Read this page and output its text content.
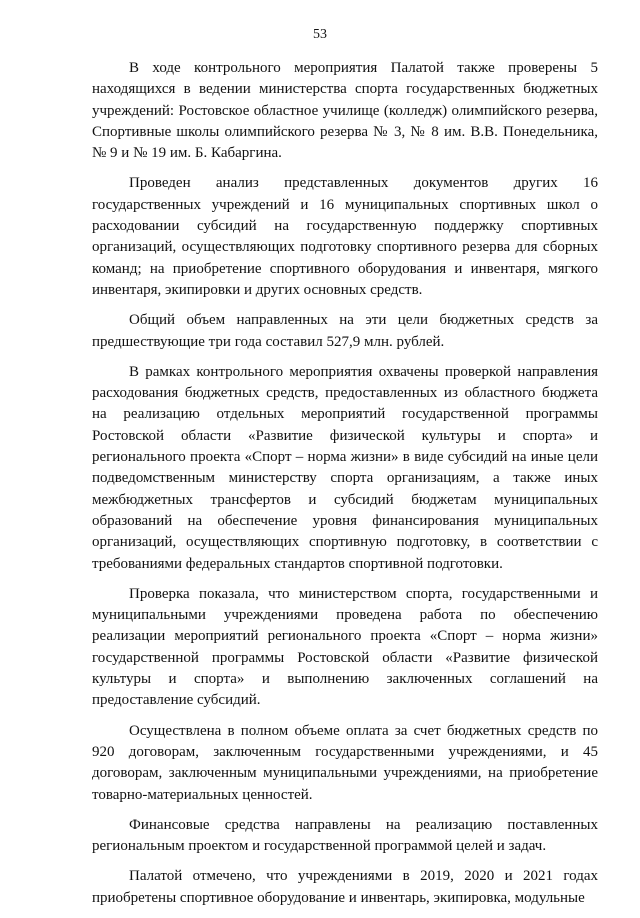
53

В ходе контрольного мероприятия Палатой также проверены 5 находящихся в ведении министерства спорта государственных бюджетных учреждений: Ростовское областное училище (колледж) олимпийского резерва, Спортивные школы олимпийского резерва № 3, № 8 им. В.В. Понедельника, № 9 и № 19 им. Б. Кабаргина.

Проведен анализ представленных документов других 16 государственных учреждений и 16 муниципальных спортивных школ о расходовании субсидий на государственную поддержку спортивных организаций, осуществляющих подготовку спортивного резерва для сборных команд; на приобретение спортивного оборудования и инвентаря, мягкого инвентаря, экипировки и других основных средств.

Общий объем направленных на эти цели бюджетных средств за предшествующие три года составил 527,9 млн. рублей.

В рамках контрольного мероприятия охвачены проверкой направления расходования бюджетных средств, предоставленных из областного бюджета на реализацию отдельных мероприятий государственной программы Ростовской области «Развитие физической культуры и спорта» и регионального проекта «Спорт – норма жизни» в виде субсидий на иные цели подведомственным министерству спорта организациям, а также иных межбюджетных трансфертов и субсидий бюджетам муниципальных образований на обеспечение уровня финансирования муниципальных организаций, осуществляющих спортивную подготовку, в соответствии с требованиями федеральных стандартов спортивной подготовки.

Проверка показала, что министерством спорта, государственными и муниципальными учреждениями проведена работа по обеспечению реализации мероприятий регионального проекта «Спорт – норма жизни» государственной программы Ростовской области «Развитие физической культуры и спорта» и выполнению заключенных соглашений на предоставление субсидий.

Осуществлена в полном объеме оплата за счет бюджетных средств по 920 договорам, заключенным государственными учреждениями, и 45 договорам, заключенным муниципальными учреждениями, на приобретение товарно-материальных ценностей.

Финансовые средства направлены на реализацию поставленных региональным проектом и государственной программой целей и задач.

Палатой отмечено, что учреждениями в 2019, 2020 и 2021 годах приобретены спортивное оборудование и инвентарь, экипировка, модульные
